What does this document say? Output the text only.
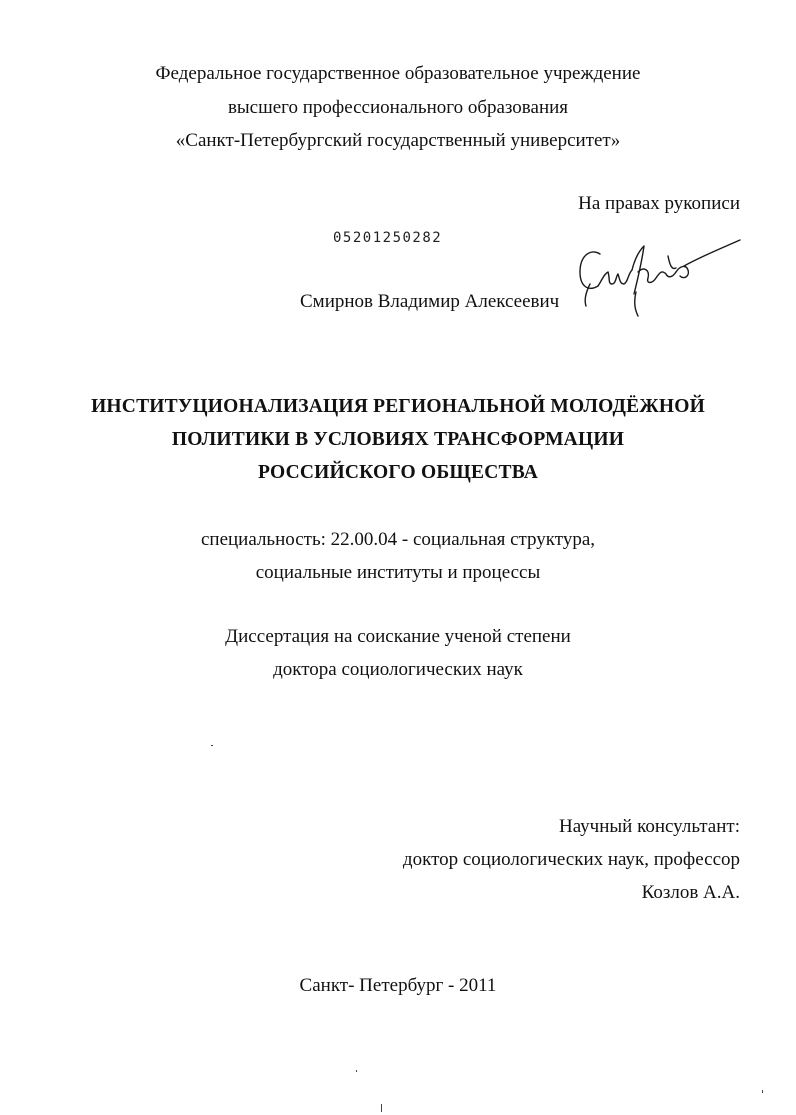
Федеральное государственное образовательное учреждение
высшего профессионального образования
«Санкт-Петербургский государственный университет»
На правах рукописи
05201250282
Смирнов Владимир Алексеевич
ИНСТИТУЦИОНАЛИЗАЦИЯ РЕГИОНАЛЬНОЙ МОЛОДЁЖНОЙ
ПОЛИТИКИ В УСЛОВИЯХ ТРАНСФОРМАЦИИ
РОССИЙСКОГО ОБЩЕСТВА
специальность: 22.00.04 - социальная структура,
социальные институты и процессы
Диссертация на соискание ученой степени
доктора социологических наук
Научный консультант:
доктор социологических наук, профессор
Козлов А.А.
Санкт- Петербург - 2011
